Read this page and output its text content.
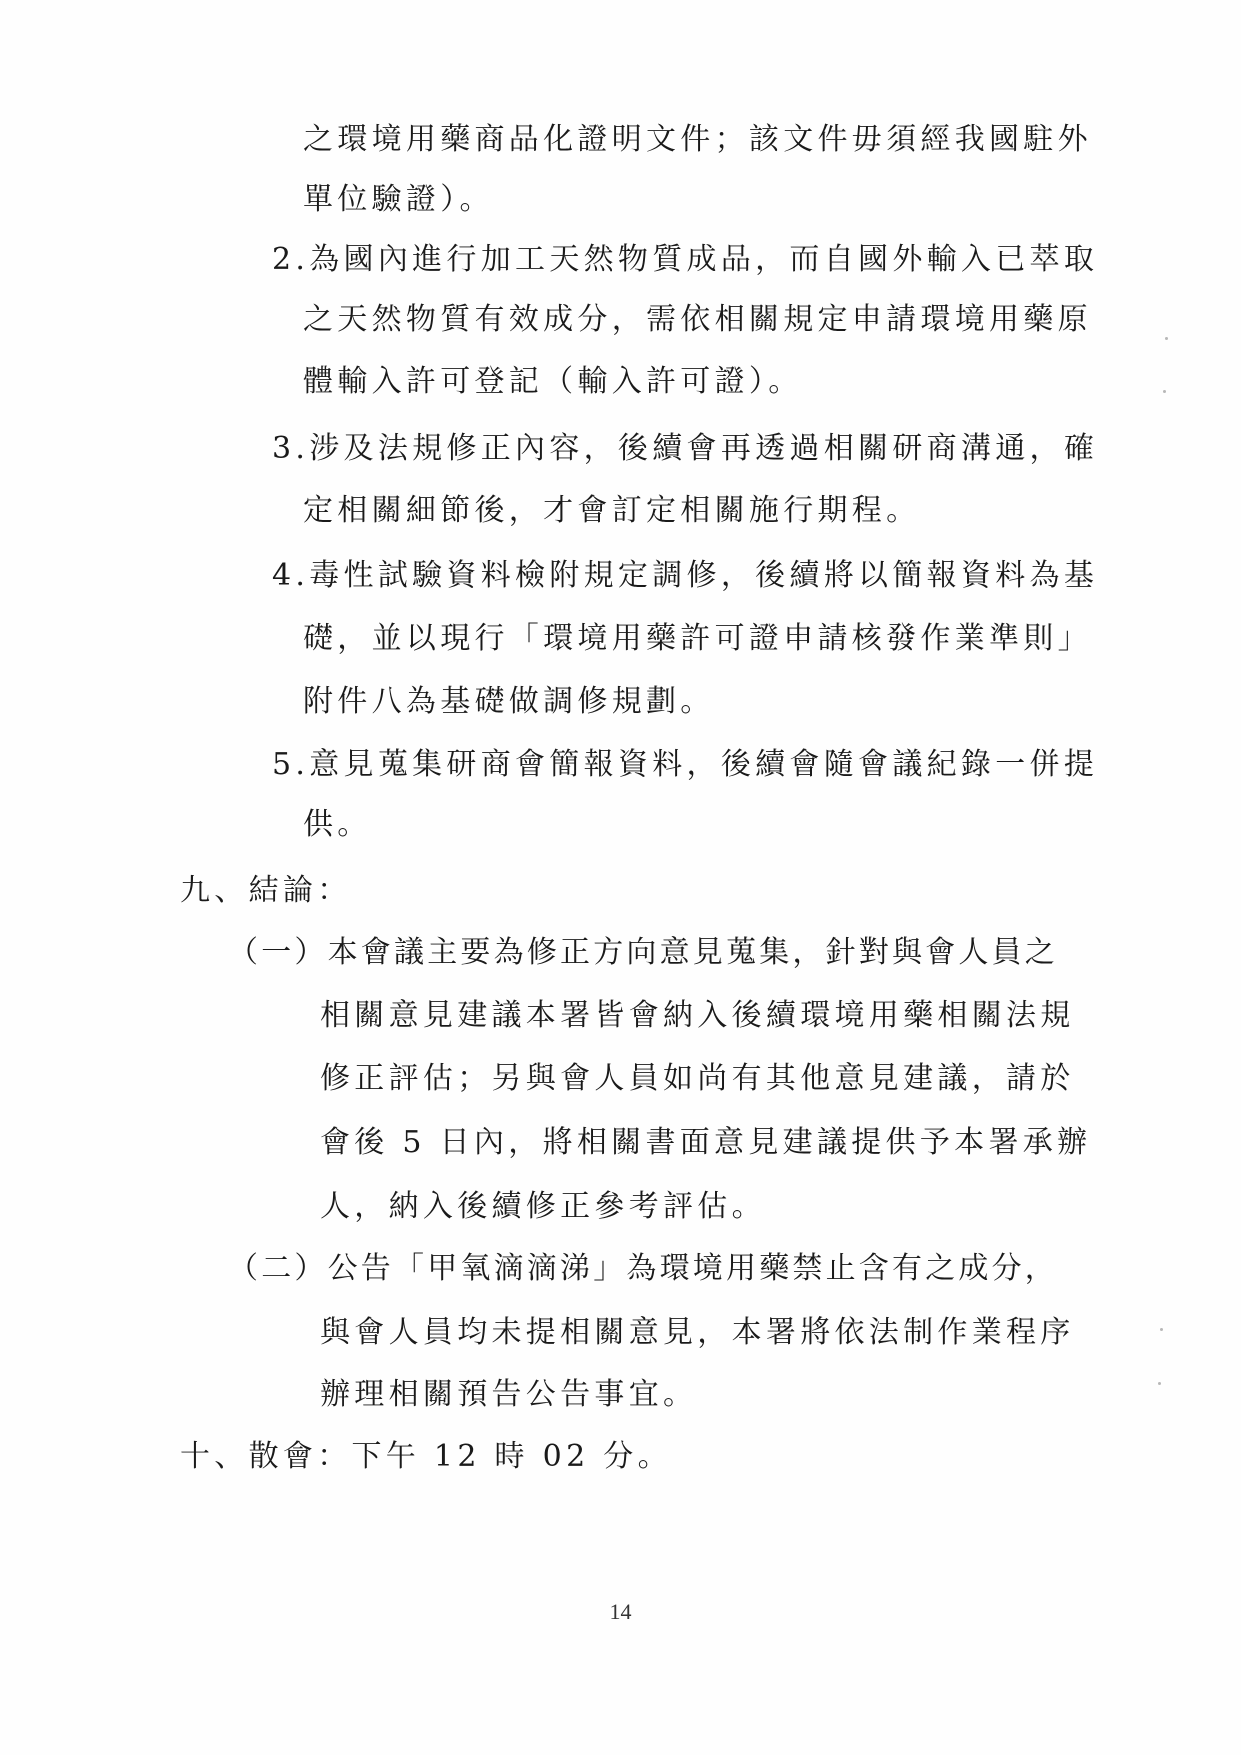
之環境用藥商品化證明文件；該文件毋須經我國駐外
單位驗證）。
2.為國內進行加工天然物質成品，而自國外輸入已萃取
之天然物質有效成分，需依相關規定申請環境用藥原
體輸入許可登記（輸入許可證）。
3.涉及法規修正內容，後續會再透過相關研商溝通，確
定相關細節後，才會訂定相關施行期程。
4.毒性試驗資料檢附規定調修，後續將以簡報資料為基
礎，並以現行「環境用藥許可證申請核發作業準則」
附件八為基礎做調修規劃。
5.意見蒐集研商會簡報資料，後續會隨會議紀錄一併提
供。
九、結論：
（一）本會議主要為修正方向意見蒐集，針對與會人員之
相關意見建議本署皆會納入後續環境用藥相關法規
修正評估；另與會人員如尚有其他意見建議，請於
會後 5 日內，將相關書面意見建議提供予本署承辦
人，納入後續修正參考評估。
（二）公告「甲氧滴滴涕」為環境用藥禁止含有之成分，
與會人員均未提相關意見，本署將依法制作業程序
辦理相關預告公告事宜。
十、散會：下午 12 時 02 分。
14
